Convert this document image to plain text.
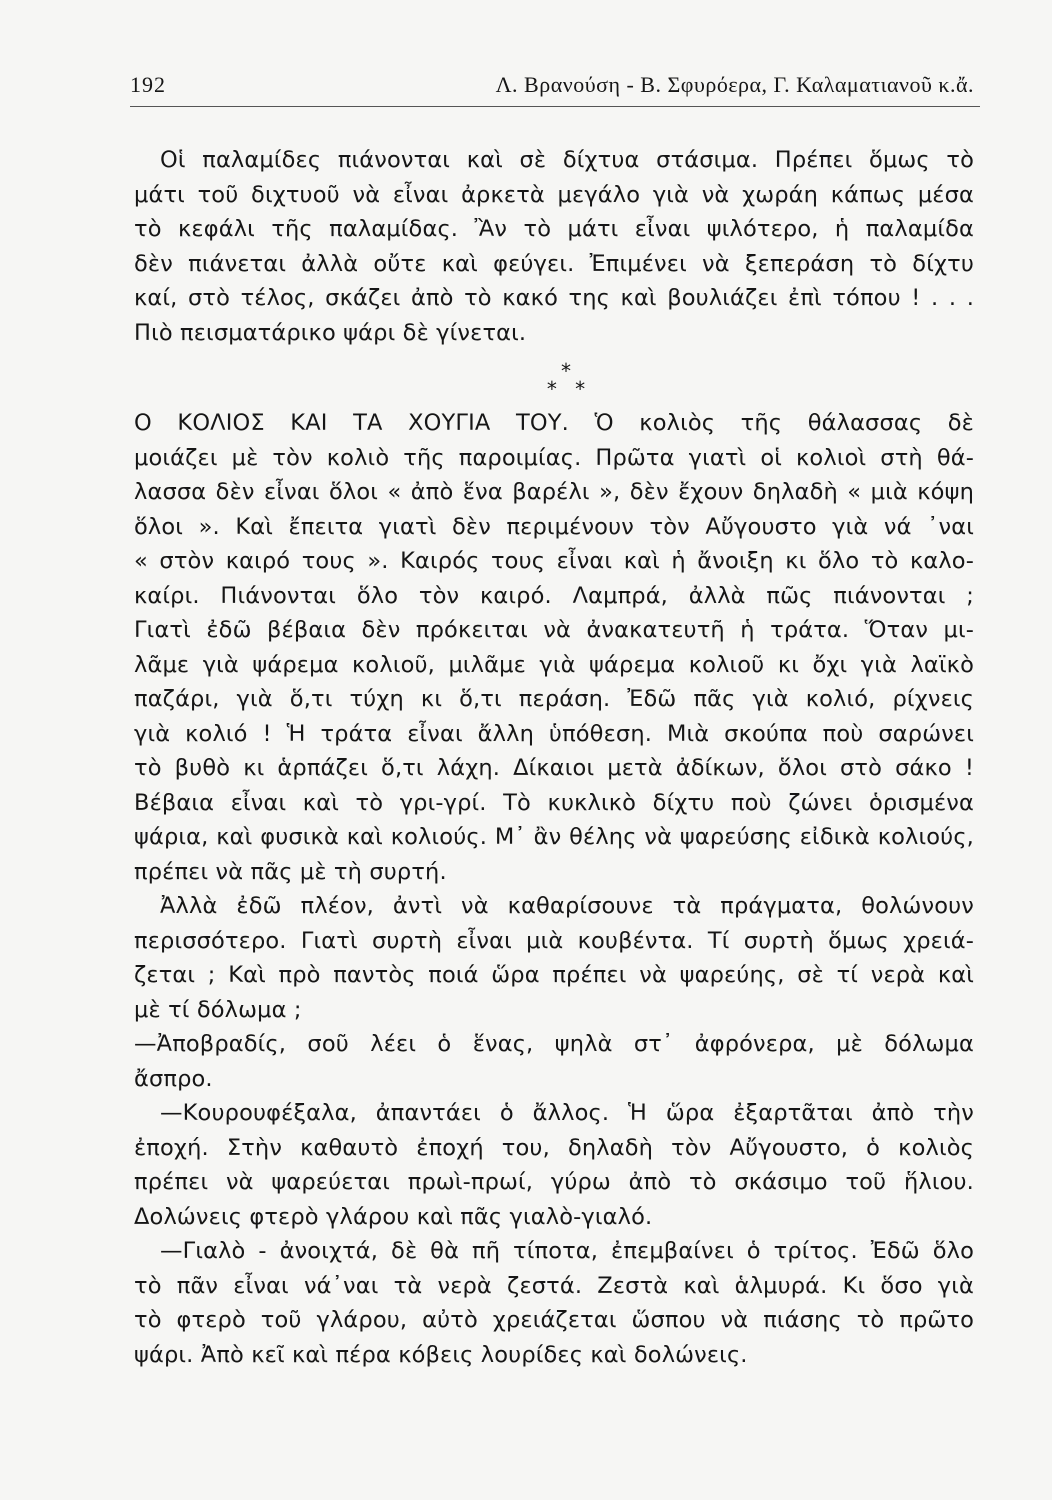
192	Λ. Βρανούση - Β. Σφυρόερα, Γ. Καλαματιανοῦ κ.ἄ.
Οἱ παλαμίδες πιάνονται καὶ σὲ δίχτυα στάσιμα. Πρέπει ὅμως τὸ
μάτι τοῦ διχτυοῦ νὰ εἶναι ἀρκετὰ μεγάλο γιὰ νὰ χωράη κάπως μέσα
τὸ κεφάλι τῆς παλαμίδας. Ἂν τὸ μάτι εἶναι ψιλότερο, ἡ παλαμίδα
δὲν πιάνεται ἀλλὰ οὔτε καὶ φεύγει. Ἐπιμένει νὰ ξεπεράση τὸ δίχτυ
καί, στὸ τέλος, σκάζει ἀπὸ τὸ κακό της καὶ βουλιάζει ἐπὶ τόπου ! . . .
Πιὸ πεισματάρικο ψάρι δὲ γίνεται.
*
* *
Ο ΚΟΛΙΟΣ ΚΑΙ ΤΑ ΧΟΥΓΙΑ ΤΟΥ. Ὁ κολιὸς τῆς θάλασσας δὲ
μοιάζει μὲ τὸν κολιὸ τῆς παροιμίας. Πρῶτα γιατὶ οἱ κολιοὶ στὴ θά-
λασσα δὲν εἶναι ὅλοι « ἀπὸ ἕνα βαρέλι », δὲν ἔχουν δηλαδὴ « μιὰ κόψη
ὅλοι ». Καὶ ἔπειτα γιατὶ δὲν περιμένουν τὸν Αὔγουστο γιὰ νά ᾽ναι
« στὸν καιρό τους ». Καιρός τους εἶναι καὶ ἡ ἄνοιξη κι ὅλο τὸ καλο-
καίρι. Πιάνονται ὅλο τὸν καιρό. Λαμπρά, ἀλλὰ πῶς πιάνονται ;
Γιατὶ ἐδῶ βέβαια δὲν πρόκειται νὰ ἀνακατευτῆ ἡ τράτα. Ὅταν μι-
λᾶμε γιὰ ψάρεμα κολιοῦ, μιλᾶμε γιὰ ψάρεμα κολιοῦ κι ὄχι γιὰ λαϊκὸ
παζάρι, γιὰ ὅ,τι τύχη κι ὅ,τι περάση. Ἐδῶ πᾶς γιὰ κολιό, ρίχνεις
γιὰ κολιό ! Ἡ τράτα εἶναι ἄλλη ὑπόθεση. Μιὰ σκούπα ποὺ σαρώνει
τὸ βυθὸ κι ἁρπάζει ὅ,τι λάχη. Δίκαιοι μετὰ ἀδίκων, ὅλοι στὸ σάκο !
Βέβαια εἶναι καὶ τὸ γρι-γρί. Τὸ κυκλικὸ δίχτυ ποὺ ζώνει ὁρισμένα
ψάρια, καὶ φυσικὰ καὶ κολιούς. Μ᾽ ἂν θέλης νὰ ψαρεύσης εἰδικὰ κολιούς,
πρέπει νὰ πᾶς μὲ τὴ συρτή.
Ἀλλὰ ἐδῶ πλέον, ἀντὶ νὰ καθαρίσουνε τὰ πράγματα, θολώνουν
περισσότερο. Γιατὶ συρτὴ εἶναι μιὰ κουβέντα. Τί συρτὴ ὅμως χρειά-
ζεται ; Καὶ πρὸ παντὸς ποιά ὥρα πρέπει νὰ ψαρεύης, σὲ τί νερὰ καὶ
μὲ τί δόλωμα ;
—Ἀποβραδίς, σοῦ λέει ὁ ἕνας, ψηλὰ στ᾽ ἀφρόνερα, μὲ δόλωμα
ἄσπρο.
—Κουρουφέξαλα, ἀπαντάει ὁ ἄλλος. Ἡ ὥρα ἐξαρτᾶται ἀπὸ τὴν
ἐποχή. Στὴν καθαυτὸ ἐποχή του, δηλαδὴ τὸν Αὔγουστο, ὁ κολιὸς
πρέπει νὰ ψαρεύεται πρωὶ-πρωί, γύρω ἀπὸ τὸ σκάσιμο τοῦ ἥλιου.
Δολώνεις φτερὸ γλάρου καὶ πᾶς γιαλὸ-γιαλό.
—Γιαλὸ - ἀνοιχτά, δὲ θὰ πῆ τίποτα, ἐπεμβαίνει ὁ τρίτος. Ἐδῶ ὅλο
τὸ πᾶν εἶναι νά᾽ναι τὰ νερὰ ζεστά. Ζεστὰ καὶ ἁλμυρά. Κι ὅσο γιὰ
τὸ φτερὸ τοῦ γλάρου, αὐτὸ χρειάζεται ὥσπου νὰ πιάσης τὸ πρῶτο
ψάρι. Ἀπὸ κεῖ καὶ πέρα κόβεις λουρίδες καὶ δολώνεις.
